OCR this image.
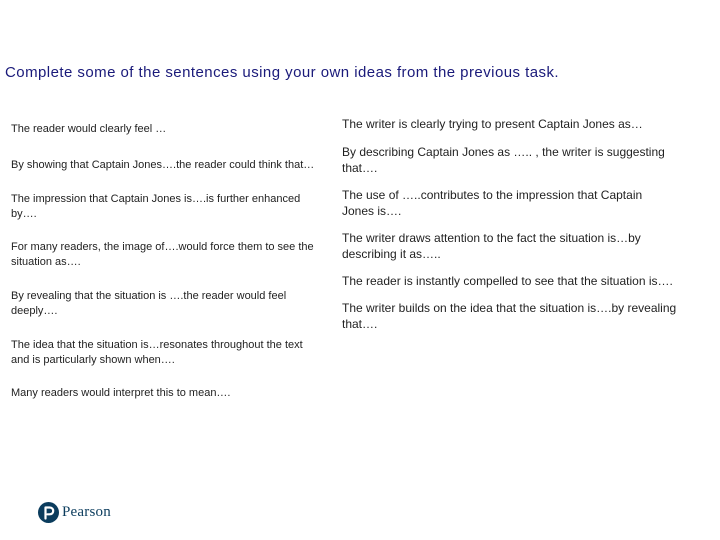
Complete some of the sentences using your own ideas from the previous task.

The reader would clearly feel …

By showing that Captain Jones….the reader could think that…

The impression that Captain Jones is….is further enhanced by….

For many readers, the image of….would force them to see the situation as….

By revealing that the situation is ….the reader would feel deeply….

The idea that the situation is…resonates throughout the text and is particularly shown when….

Many readers would interpret this to mean….

The writer is clearly trying to present Captain Jones as…

By describing Captain Jones as ….. , the writer is suggesting that….

The use of …..contributes to the impression that Captain Jones is….

The writer draws attention to the fact the situation is…by describing it as…..

The reader is instantly compelled to see that the situation is….

The writer builds on the idea that the situation is….by revealing that….

Pearson
